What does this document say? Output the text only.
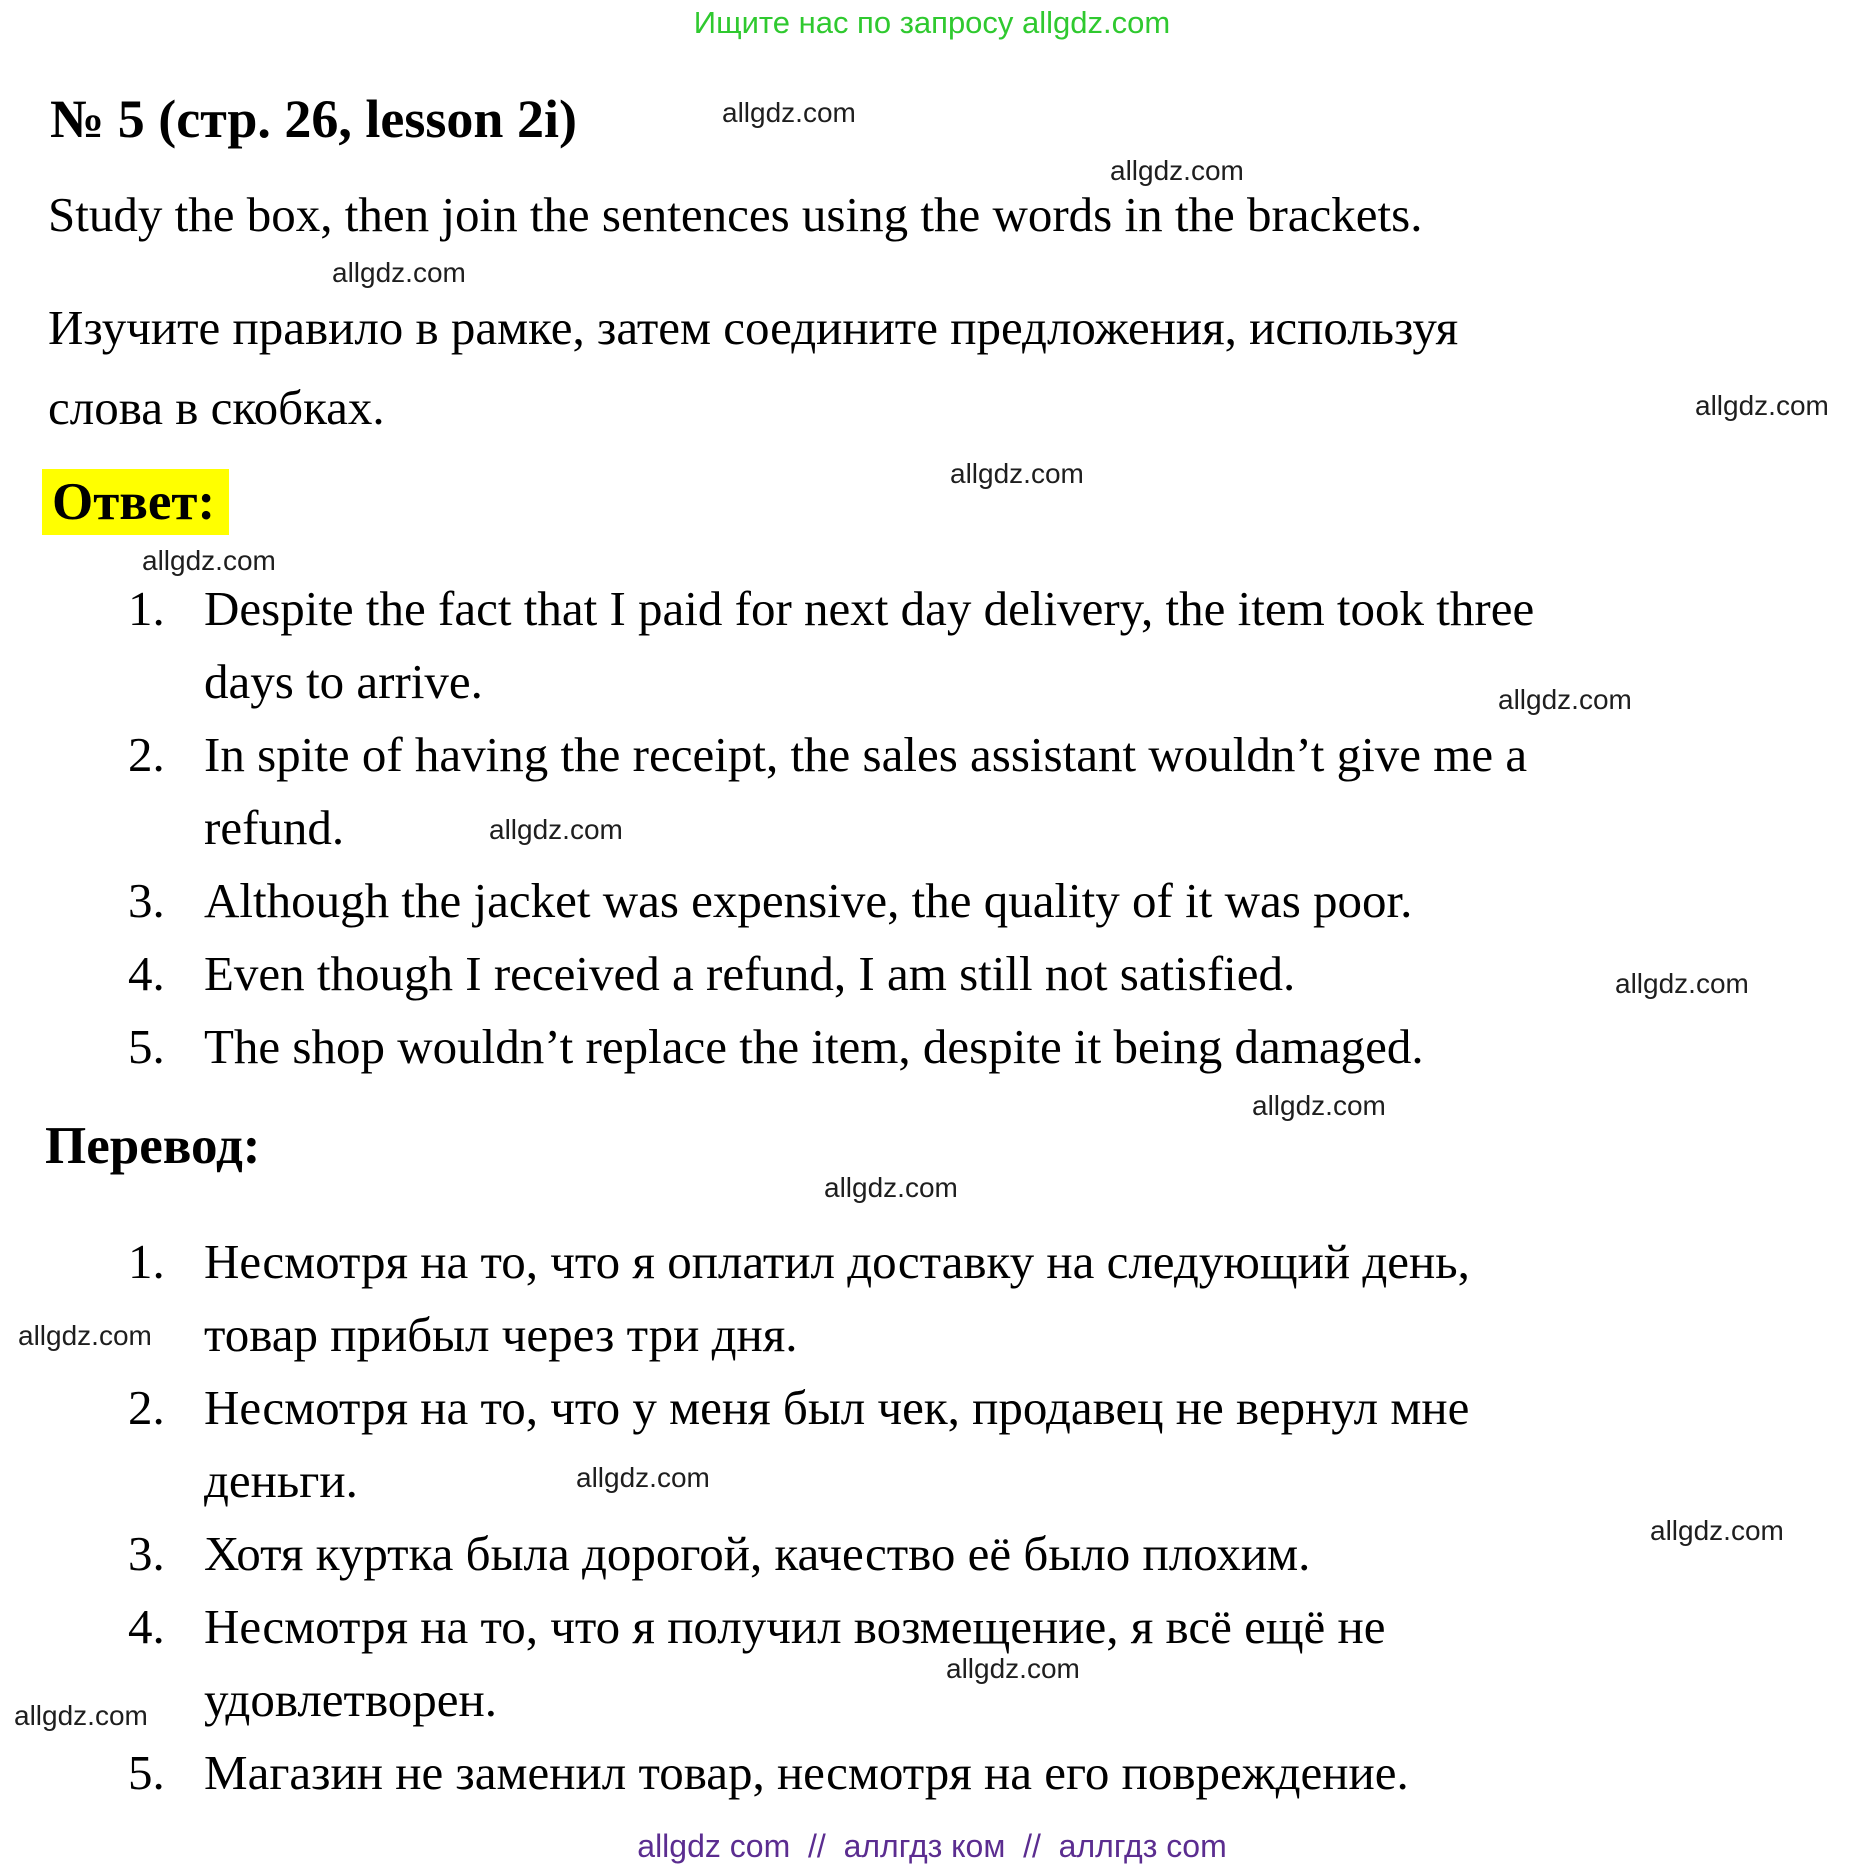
Ищите нас по запросу allgdz.com
№ 5 (стр. 26, lesson 2i)
Study the box, then join the sentences using the words in the brackets.
Изучите правило в рамке, затем соедините предложения, используя
слова в скобках.
Ответ:
1. Despite the fact that I paid for next day delivery, the item took three
days to arrive.
2. In spite of having the receipt, the sales assistant wouldn’t give me a
refund.
3. Although the jacket was expensive, the quality of it was poor.
4. Even though I received a refund, I am still not satisfied.
5. The shop wouldn’t replace the item, despite it being damaged.
Перевод:
1. Несмотря на то, что я оплатил доставку на следующий день,
товар прибыл через три дня.
2. Несмотря на то, что у меня был чек, продавец не вернул мне
деньги.
3. Хотя куртка была дорогой, качество её было плохим.
4. Несмотря на то, что я получил возмещение, я всё ещё не
удовлетворен.
5. Магазин не заменил товар, несмотря на его повреждение.
allgdz.com
allgdz.com
allgdz.com
allgdz.com
allgdz.com
allgdz.com
allgdz.com
allgdz.com
allgdz.com
allgdz.com
allgdz.com
allgdz.com
allgdz.com
allgdz.com
allgdz.com
allgdz.com
allgdz com  //  аллгдз ком  //  аллгдз com
